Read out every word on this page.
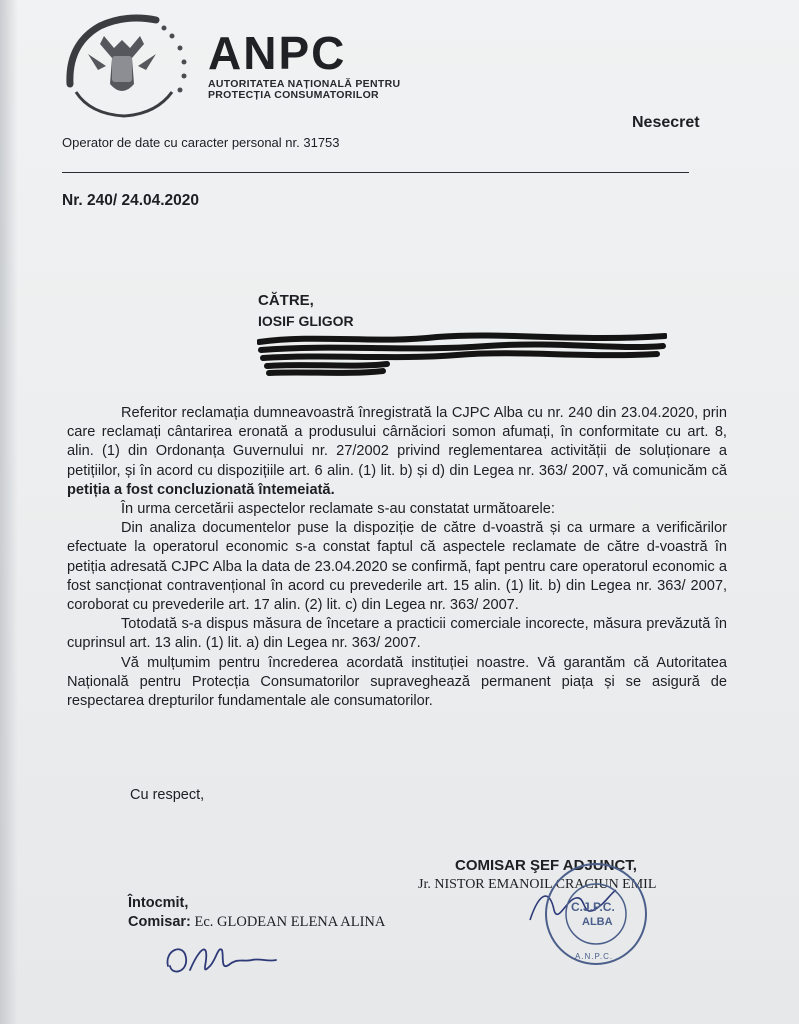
ANPC
AUTORITATEA NAȚIONALĂ PENTRU
PROTECȚIA CONSUMATORILOR
Operator de date cu caracter personal nr. 31753
Nesecret
Nr. 240/ 24.04.2020
CĂTRE,
IOSIF GLIGOR

Referitor reclamația dumneavoastră înregistrată la CJPC Alba cu nr. 240 din 23.04.2020, prin care reclamați cântarirea eronată a produsului cârnăciori somon afumați, în conformitate cu art. 8, alin. (1) din Ordonanța Guvernului nr. 27/2002 privind reglementarea activității de soluționare a petițiilor, și în acord cu dispozițiile art. 6 alin. (1) lit. b) și d) din Legea nr. 363/ 2007, vă comunicăm că petiția a fost concluzionată întemeiată.

În urma cercetării aspectelor reclamate s-au constatat următoarele:

Din analiza documentelor puse la dispoziție de către d-voastră și ca urmare a verificărilor efectuate la operatorul economic s-a constat faptul că aspectele reclamate de către d-voastră în petiția adresată CJPC Alba la data de 23.04.2020 se confirmă, fapt pentru care operatorul economic a fost sancționat contravențional în acord cu prevederile art. 15 alin. (1) lit. b) din Legea nr. 363/ 2007, coroborat cu prevederile art. 17 alin. (2) lit. c) din Legea nr. 363/ 2007.

Totodată s-a dispus măsura de încetare a practicii comerciale incorecte, măsura prevăzută în cuprinsul art. 13 alin. (1) lit. a) din Legea nr. 363/ 2007.

Vă mulțumim pentru încrederea acordată instituției noastre. Vă garantăm că Autoritatea Națională pentru Protecția Consumatorilor supraveghează permanent piața și se asigură de respectarea drepturilor fundamentale ale consumatorilor.

Cu respect,
COMISAR ŞEF ADJUNCT,
Jr. NISTOR EMANOIL CRACIUN EMIL
C.J.P.C.
ALBA
A.N.P.C.
Întocmit,
Comisar: Ec. GLODEAN ELENA ALINA
